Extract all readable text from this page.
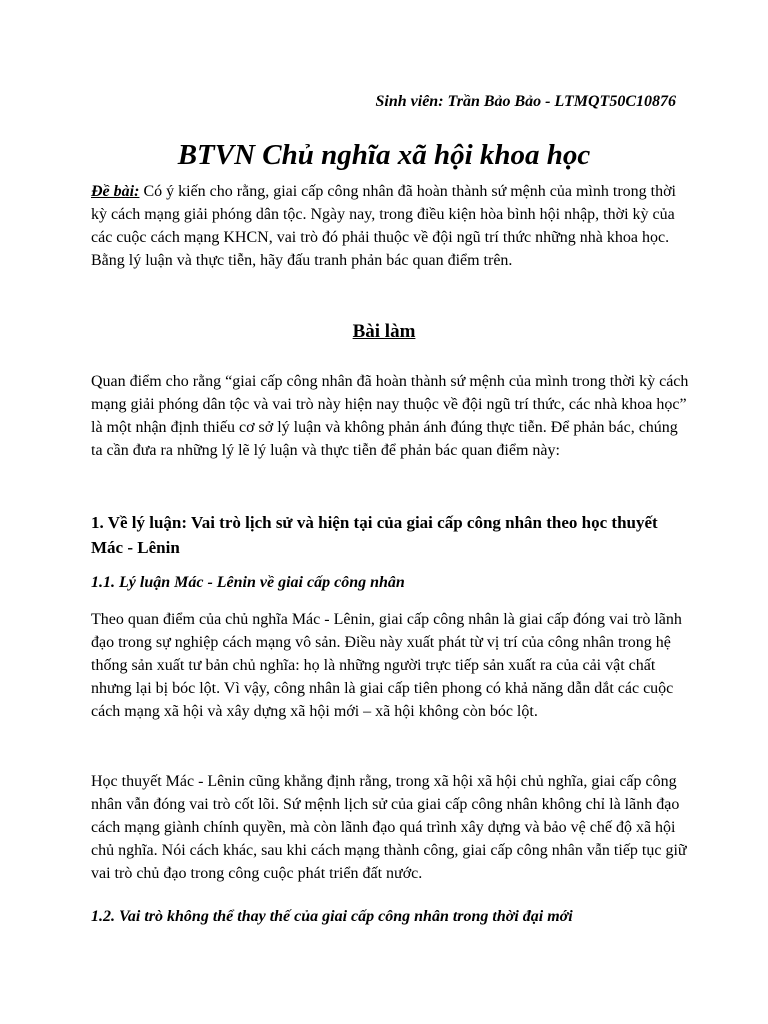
Sinh viên: Trần Bảo Bảo - LTMQT50C10876
BTVN Chủ nghĩa xã hội khoa học
Đề bài: Có ý kiến cho rằng, giai cấp công nhân đã hoàn thành sứ mệnh của mình trong thời kỳ cách mạng giải phóng dân tộc. Ngày nay, trong điều kiện hòa bình hội nhập, thời kỳ của các cuộc cách mạng KHCN, vai trò đó phải thuộc về đội ngũ trí thức những nhà khoa học. Bằng lý luận và thực tiễn, hãy đấu tranh phản bác quan điểm trên.
Bài làm
Quan điểm cho rằng “giai cấp công nhân đã hoàn thành sứ mệnh của mình trong thời kỳ cách mạng giải phóng dân tộc và vai trò này hiện nay thuộc về đội ngũ trí thức, các nhà khoa học” là một nhận định thiếu cơ sở lý luận và không phản ánh đúng thực tiễn. Để phản bác, chúng ta cần đưa ra những lý lẽ lý luận và thực tiễn để phản bác quan điểm này:
1. Về lý luận: Vai trò lịch sử và hiện tại của giai cấp công nhân theo học thuyết Mác - Lênin
1.1. Lý luận Mác - Lênin về giai cấp công nhân
Theo quan điểm của chủ nghĩa Mác - Lênin, giai cấp công nhân là giai cấp đóng vai trò lãnh đạo trong sự nghiệp cách mạng vô sản. Điều này xuất phát từ vị trí của công nhân trong hệ thống sản xuất tư bản chủ nghĩa: họ là những người trực tiếp sản xuất ra của cải vật chất nhưng lại bị bóc lột. Vì vậy, công nhân là giai cấp tiên phong có khả năng dẫn dắt các cuộc cách mạng xã hội và xây dựng xã hội mới – xã hội không còn bóc lột.
Học thuyết Mác - Lênin cũng khẳng định rằng, trong xã hội xã hội chủ nghĩa, giai cấp công nhân vẫn đóng vai trò cốt lõi. Sứ mệnh lịch sử của giai cấp công nhân không chỉ là lãnh đạo cách mạng giành chính quyền, mà còn lãnh đạo quá trình xây dựng và bảo vệ chế độ xã hội chủ nghĩa. Nói cách khác, sau khi cách mạng thành công, giai cấp công nhân vẫn tiếp tục giữ vai trò chủ đạo trong công cuộc phát triển đất nước.
1.2. Vai trò không thể thay thế của giai cấp công nhân trong thời đại mới
